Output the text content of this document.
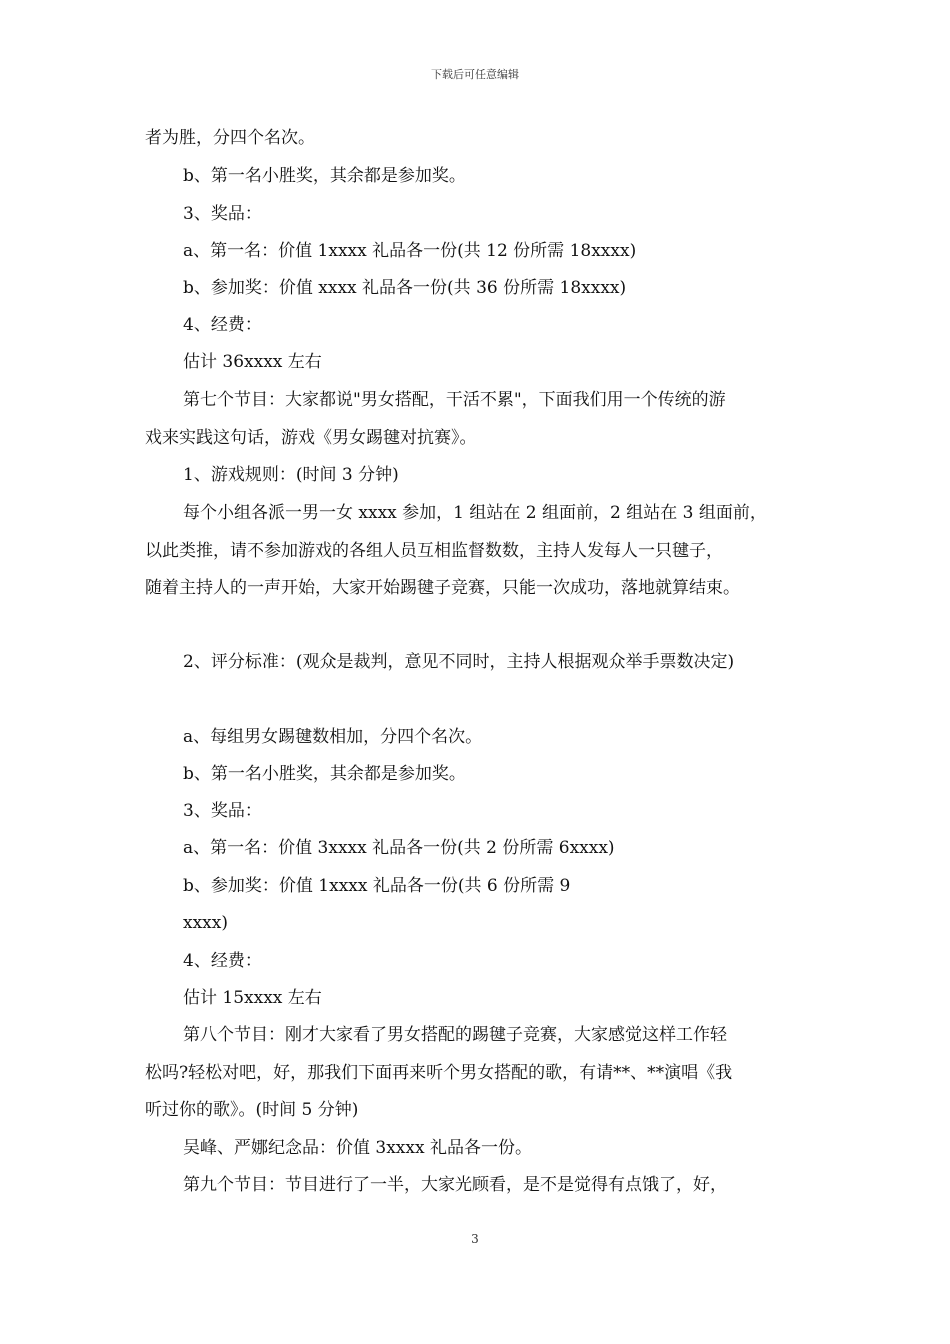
下载后可任意编辑
者为胜，分四个名次。
b、第一名小胜奖，其余都是参加奖。
3、奖品：
a、第一名：价值 1xxxx 礼品各一份(共 12 份所需 18xxxx)
b、参加奖：价值 xxxx 礼品各一份(共 36 份所需 18xxxx)
4、经费：
估计 36xxxx 左右
第七个节目：大家都说"男女搭配，干活不累"，下面我们用一个传统的游
戏来实践这句话，游戏《男女踢毽对抗赛》。
1、游戏规则：(时间 3 分钟)
每个小组各派一男一女 xxxx 参加，1 组站在 2 组面前，2 组站在 3 组面前，
以此类推，请不参加游戏的各组人员互相监督数数，主持人发每人一只毽子，
随着主持人的一声开始，大家开始踢毽子竞赛，只能一次成功，落地就算结束。
2、评分标准：(观众是裁判，意见不同时，主持人根据观众举手票数决定)
a、每组男女踢毽数相加，分四个名次。
b、第一名小胜奖，其余都是参加奖。
3、奖品：
a、第一名：价值 3xxxx 礼品各一份(共 2 份所需 6xxxx)
b、参加奖：价值 1xxxx 礼品各一份(共 6 份所需 9
xxxx)
4、经费：
估计 15xxxx 左右
第八个节目：刚才大家看了男女搭配的踢毽子竞赛，大家感觉这样工作轻
松吗?轻松对吧，好，那我们下面再来听个男女搭配的歌，有请**、**演唱《我
听过你的歌》。(时间 5 分钟)
吴峰、严娜纪念品：价值 3xxxx 礼品各一份。
第九个节目：节目进行了一半，大家光顾看，是不是觉得有点饿了，好，
3
